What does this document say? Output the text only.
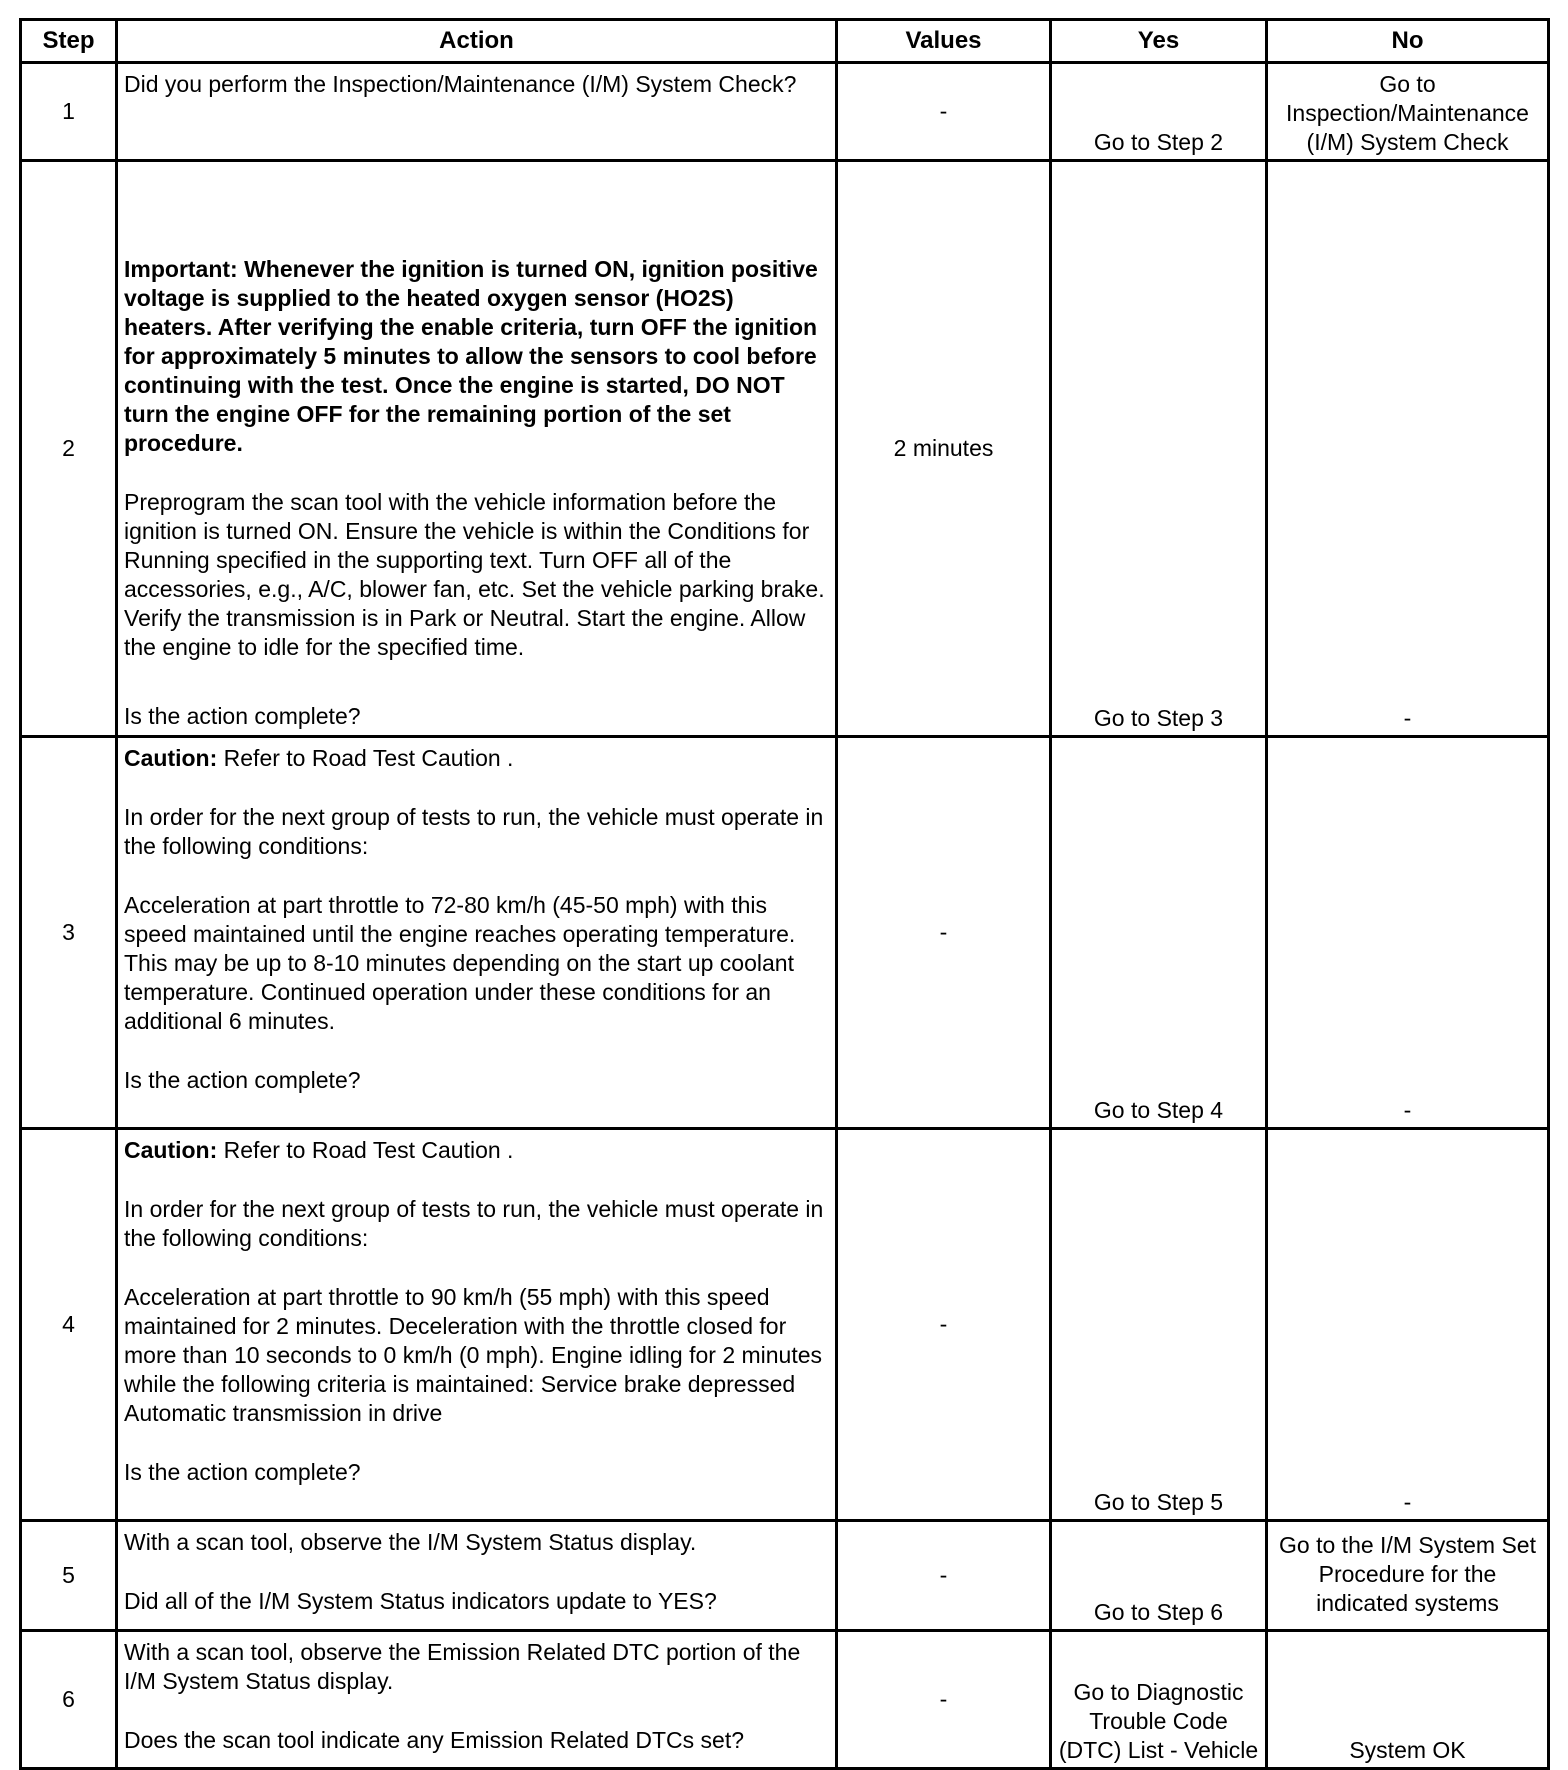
Step	Action	Values	Yes	No
1	Did you perform the Inspection/Maintenance (I/M) System Check?	-	Go to Step 2	Go to Inspection/Maintenance (I/M) System Check
2	Important: Whenever the ignition is turned ON, ignition positive voltage is supplied to the heated oxygen sensor (HO2S) heaters. After verifying the enable criteria, turn OFF the ignition for approximately 5 minutes to allow the sensors to cool before continuing with the test. Once the engine is started, DO NOT turn the engine OFF for the remaining portion of the set procedure.

Preprogram the scan tool with the vehicle information before the ignition is turned ON. Ensure the vehicle is within the Conditions for Running specified in the supporting text. Turn OFF all of the accessories, e.g., A/C, blower fan, etc. Set the vehicle parking brake. Verify the transmission is in Park or Neutral. Start the engine. Allow the engine to idle for the specified time.

Is the action complete?	2 minutes	Go to Step 3	-
3	Caution: Refer to Road Test Caution .

In order for the next group of tests to run, the vehicle must operate in the following conditions:

Acceleration at part throttle to 72-80 km/h (45-50 mph) with this speed maintained until the engine reaches operating temperature. This may be up to 8-10 minutes depending on the start up coolant temperature. Continued operation under these conditions for an additional 6 minutes.

Is the action complete?	-	Go to Step 4	-
4	Caution: Refer to Road Test Caution .

In order for the next group of tests to run, the vehicle must operate in the following conditions:

Acceleration at part throttle to 90 km/h (55 mph) with this speed maintained for 2 minutes. Deceleration with the throttle closed for more than 10 seconds to 0 km/h (0 mph). Engine idling for 2 minutes while the following criteria is maintained: Service brake depressed Automatic transmission in drive

Is the action complete?	-	Go to Step 5	-
5	With a scan tool, observe the I/M System Status display.

Did all of the I/M System Status indicators update to YES?	-	Go to Step 6	Go to the I/M System Set Procedure for the indicated systems
6	With a scan tool, observe the Emission Related DTC portion of the I/M System Status display.

Does the scan tool indicate any Emission Related DTCs set?	-	Go to Diagnostic Trouble Code (DTC) List - Vehicle	System OK
